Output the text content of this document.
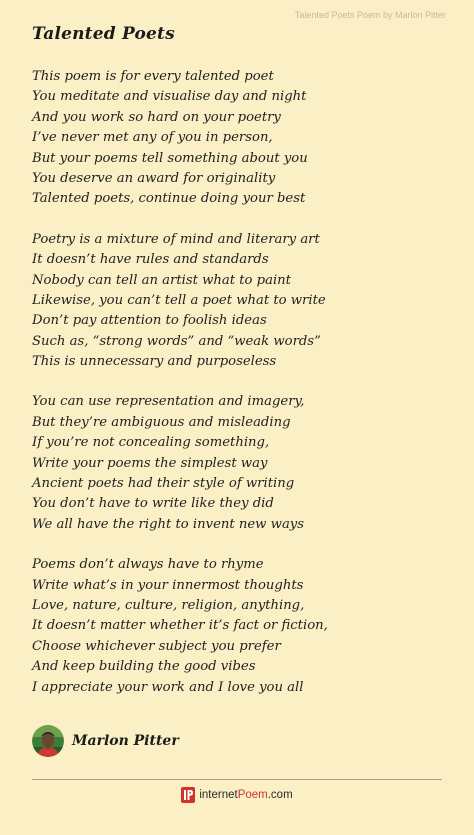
Talented Poets Poem by Marlon Pitter
Talented Poets
This poem is for every talented poet
You meditate and visualise day and night
And you work so hard on your poetry
I’ve never met any of you in person,
But your poems tell something about you
You deserve an award for originality
Talented poets, continue doing your best
Poetry is a mixture of mind and literary art
It doesn’t have rules and standards
Nobody can tell an artist what to paint
Likewise, you can’t tell a poet what to write
Don’t pay attention to foolish ideas
Such as, “strong words” and “weak words”
This is unnecessary and purposeless
You can use representation and imagery,
But they’re ambiguous and misleading
If you’re not concealing something,
Write your poems the simplest way
Ancient poets had their style of writing
You don’t have to write like they did
We all have the right to invent new ways
Poems don’t always have to rhyme
Write what’s in your innermost thoughts
Love, nature, culture, religion, anything,
It doesn’t matter whether it’s fact or fiction,
Choose whichever subject you prefer
And keep building the good vibes
I appreciate your work and I love you all
Marlon Pitter
internetPoem.com
